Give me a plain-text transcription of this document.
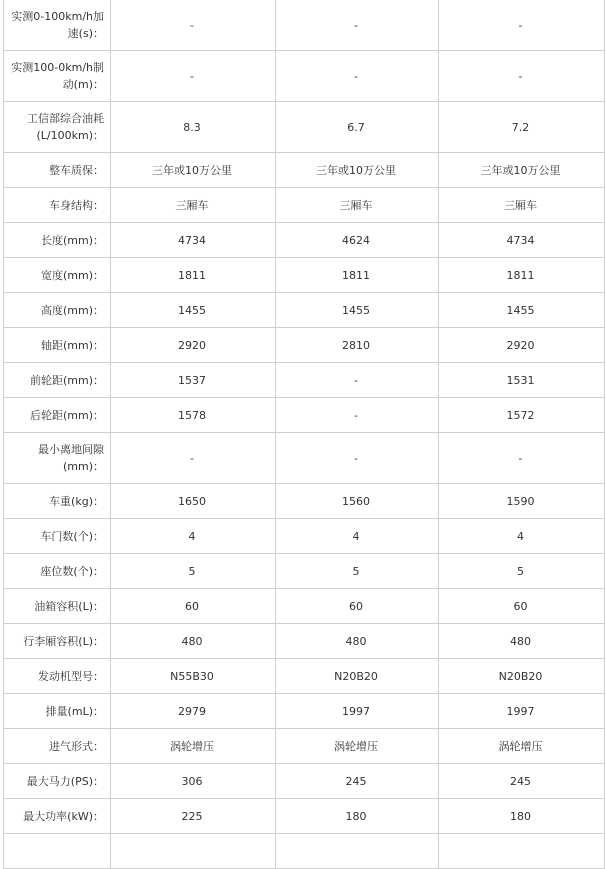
实测0-100km/h加速(s)：	-	-	-
实测100-0km/h制动(m)：	-	-	-
工信部综合油耗(L/100km)：	8.3	6.7	7.2
整车质保：	三年或10万公里	三年或10万公里	三年或10万公里
车身结构：	三厢车	三厢车	三厢车
长度(mm)：	4734	4624	4734
宽度(mm)：	1811	1811	1811
高度(mm)：	1455	1455	1455
轴距(mm)：	2920	2810	2920
前轮距(mm)：	1537	-	1531
后轮距(mm)：	1578	-	1572
最小离地间隙(mm)：	-	-	-
车重(kg)：	1650	1560	1590
车门数(个)：	4	4	4
座位数(个)：	5	5	5
油箱容积(L)：	60	60	60
行李厢容积(L)：	480	480	480
发动机型号：	N55B30	N20B20	N20B20
排量(mL)：	2979	1997	1997
进气形式：	涡轮增压	涡轮增压	涡轮增压
最大马力(PS)：	306	245	245
最大功率(kW)：	225	180	180
